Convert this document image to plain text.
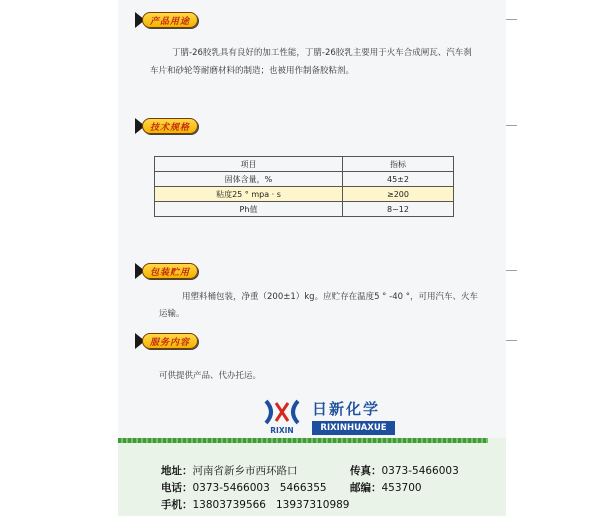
产品用途
丁腈-26胶乳具有良好的加工性能，丁腈-26胶乳主要用于火车合成闸瓦、汽车刹
车片和砂轮等耐磨材料的制造；也被用作制备胶粘剂。
技术规格
项目	指标
固体含量，%	45±2
粘度25 ° mpa · s	≥200
Ph值	8~12
包装贮用
用塑料桶包装，净重（200±1）kg。应贮存在温度5 ° -40 °，可用汽车、火车
运输。
服务内容
可供提供产品、代办托运。
RIXIN
日新化学
RIXINHUAXUE
地址：河南省新乡市西环路口	传真：0373-5466003
电话：0373-5466003   5466355 邮编：453700
手机：13803739566   13937310989
